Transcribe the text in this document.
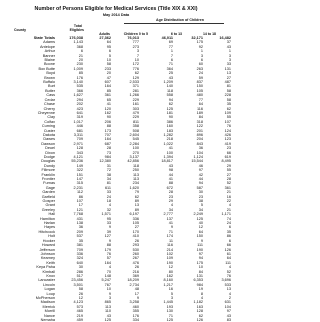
Number of Persons Eligible for Medical Services (Title XIX & XXI)
May 2014 Data
Age Distribution of Children
Total
County	Eligibles
Adults	Children 0 to 5	6 to 13	14 to 18
State Totals	176,038	27,362	76,013	46,011	32,171	16,482
Adams	1,143	64	777	69	175	37
Antelope	368	95	273	77	92	43
Arthur	6	6	3	1	1	1
Banner	21	5	7	7	3	3
Blaine	20	10	10	6	6	3
Boone	230	58	172	71	60	33
Box Butte	1,009	233	776	364	263	131
Boyd	85	20	62	25	24	13
Brown	176	47	129	43	59	27
Buffalo	3,140	607	2,533	1,209	837	487
Burt	535	164	371	140	150	81
Butler	366	85	281	118	105	58
Cass	1,627	361	1,266	558	480	228
Cedar	294	65	229	94	77	58
Chase	202	41	161	62	64	35
Cherry	423	120	303	125	116	62
Cheyenne	641	162	479	181	189	109
Clay	319	90	229	90	84	55
Colfax	1,017	206	811	386	318	107
Cuming	446	88	358	160	122	76
Custer	681	173	508	183	201	124
Dakota	3,311	707	2,604	1,282	896	426
Dawes	709	164	545	218	204	123
Dawson	2,971	687	2,284	1,022	843	419
Deuel	128	28	100	41	36	23
Dixon	343	73	270	100	104	66
Dodge	4,121	984	3,137	1,394	1,124	619
Douglas	55,236	12,380	42,856	18,817	15,544	8,495
Dundy	149	31	118	43	46	29
Fillmore	322	72	250	98	97	55
Franklin	151	38	113	44	42	27
Frontier	147	34	113	41	44	28
Furnas	315	81	234	88	94	52
Gage	2,231	611	1,620	672	587	361
Garden	112	33	79	28	30	21
Garfield	86	24	62	23	23	16
Gosper	107	18	89	29	38	22
Grant	17	4	13	4	5	4
Greeley	121	32	89	34	34	21
Hall	7,768	1,571	6,197	2,777	2,249	1,171
Hamilton	431	95	336	137	125	74
Harlan	138	33	105	41	40	24
Hayes	36	9	27	9	12	6
Hitchcock	209	39	170	71	64	35
Holt	537	127	410	174	150	86
Hooker	35	9	26	11	9	6
Howard	381	88	293	116	111	66
Jefferson	709	179	530	214	190	126
Johnson	336	76	260	102	97	61
Kearney	324	57	267	109	94	64
Keith	640	164	476	190	175	111
Keya Paha	30	4	26	12	10	4
Kimball	286	70	216	80	84	52
Knox	517	148	369	162	131	76
Lancaster	23,456	5,247	18,209	8,160	6,353	3,696
Lincoln	3,501	767	2,734	1,217	984	533
Logan	58	10	48	16	19	13
Loup	26	9	17	5	8	4
McPherson	12	3	9	3	4	2
Madison	4,123	865	3,258	1,445	1,182	631
Merrick	573	113	460	193	163	104
Morrill	465	110	355	130	128	97
Nance	219	43	176	71	62	43
Nemaha	459	125	334	125	126	83
